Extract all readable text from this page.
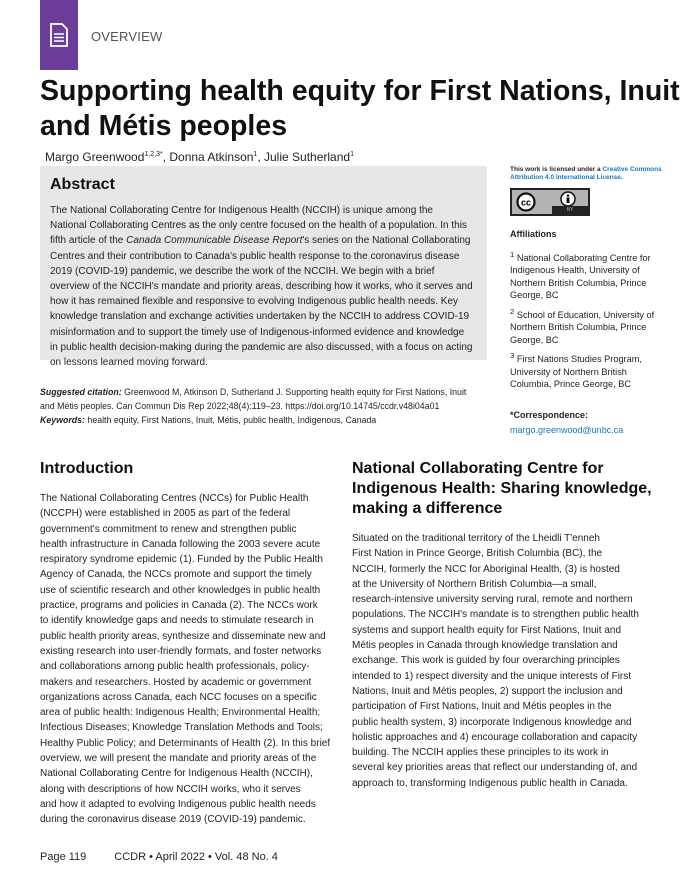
OVERVIEW
Supporting health equity for First Nations, Inuit
and Métis peoples
Margo Greenwood$^{1,2,3*}$, Donna Atkinson$^1$, Julie Sutherland$^1$
Abstract
The National Collaborating Centre for Indigenous Health (NCCIH) is unique among the
National Collaborating Centres as the only centre focused on the health of a population. In this
fifth article of the Canada Communicable Disease Report's series on the National Collaborating
Centres and their contribution to Canada's public health response to the coronavirus disease
2019 (COVID-19) pandemic, we describe the work of the NCCIH. We begin with a brief
overview of the NCCIH's mandate and priority areas, describing how it works, who it serves and
how it has remained flexible and responsive to evolving Indigenous public health needs. Key
knowledge translation and exchange activities undertaken by the NCCIH to address COVID-19
misinformation and to support the timely use of Indigenous-informed evidence and knowledge
in public health decision-making during the pandemic are also discussed, with a focus on acting
on lessons learned moving forward.
Suggested citation: Greenwood M, Atkinson D, Sutherland J. Supporting health equity for First Nations, Inuit
and Métis peoples. Can Commun Dis Rep 2022;48(4):119–23. https://doi.org/10.14745/ccdr.v48i04a01
Keywords: health equity, First Nations, Inuit, Métis, public health, Indigenous, Canada
This work is licensed under a Creative Commons Attribution 4.0 International License.
cc
BY
Affiliations
$^1$ National Collaborating Centre for Indigenous Health, University of Northern British Columbia, Prince George, BC
$^2$ School of Education, University of Northern British Columbia, Prince George, BC
$^3$ First Nations Studies Program, University of Northern British Columbia, Prince George, BC
*Correspondence:
margo.greenwood@unbc.ca
Introduction
The National Collaborating Centres (NCCs) for Public Health
(NCCPH) were established in 2005 as part of the federal
government's commitment to renew and strengthen public
health infrastructure in Canada following the 2003 severe acute
respiratory syndrome epidemic (1). Funded by the Public Health
Agency of Canada, the NCCs promote and support the timely
use of scientific research and other knowledges in public health
practice, programs and policies in Canada (2). The NCCs work
to identify knowledge gaps and needs to stimulate research in
public health priority areas, synthesize and disseminate new and
existing research into user-friendly formats, and foster networks
and collaborations among public health professionals, policy-
makers and researchers. Hosted by academic or government
organizations across Canada, each NCC focuses on a specific
area of public health: Indigenous Health; Environmental Health;
Infectious Diseases; Knowledge Translation Methods and Tools;
Healthy Public Policy; and Determinants of Health (2). In this brief
overview, we will present the mandate and priority areas of the
National Collaborating Centre for Indigenous Health (NCCIH),
along with descriptions of how NCCIH works, who it serves
and how it adapted to evolving Indigenous public health needs
during the coronavirus disease 2019 (COVID-19) pandemic.
National Collaborating Centre for
Indigenous Health: Sharing knowledge,
making a difference
Situated on the traditional territory of the Lheidli T'enneh
First Nation in Prince George, British Columbia (BC), the
NCCIH, formerly the NCC for Aboriginal Health, (3) is hosted
at the University of Northern British Columbia—a small,
research-intensive university serving rural, remote and northern
populations. The NCCIH's mandate is to strengthen public health
systems and support health equity for First Nations, Inuit and
Métis peoples in Canada through knowledge translation and
exchange. This work is guided by four overarching principles
intended to 1) respect diversity and the unique interests of First
Nations, Inuit and Métis peoples, 2) support the inclusion and
participation of First Nations, Inuit and Métis peoples in the
public health system, 3) incorporate Indigenous knowledge and
holistic approaches and 4) encourage collaboration and capacity
building. The NCCIH applies these principles to its work in
several key priorities areas that reflect our understanding of, and
approach to, transforming Indigenous public health in Canada.
Page 119	CCDR • April 2022 • Vol. 48 No. 4
